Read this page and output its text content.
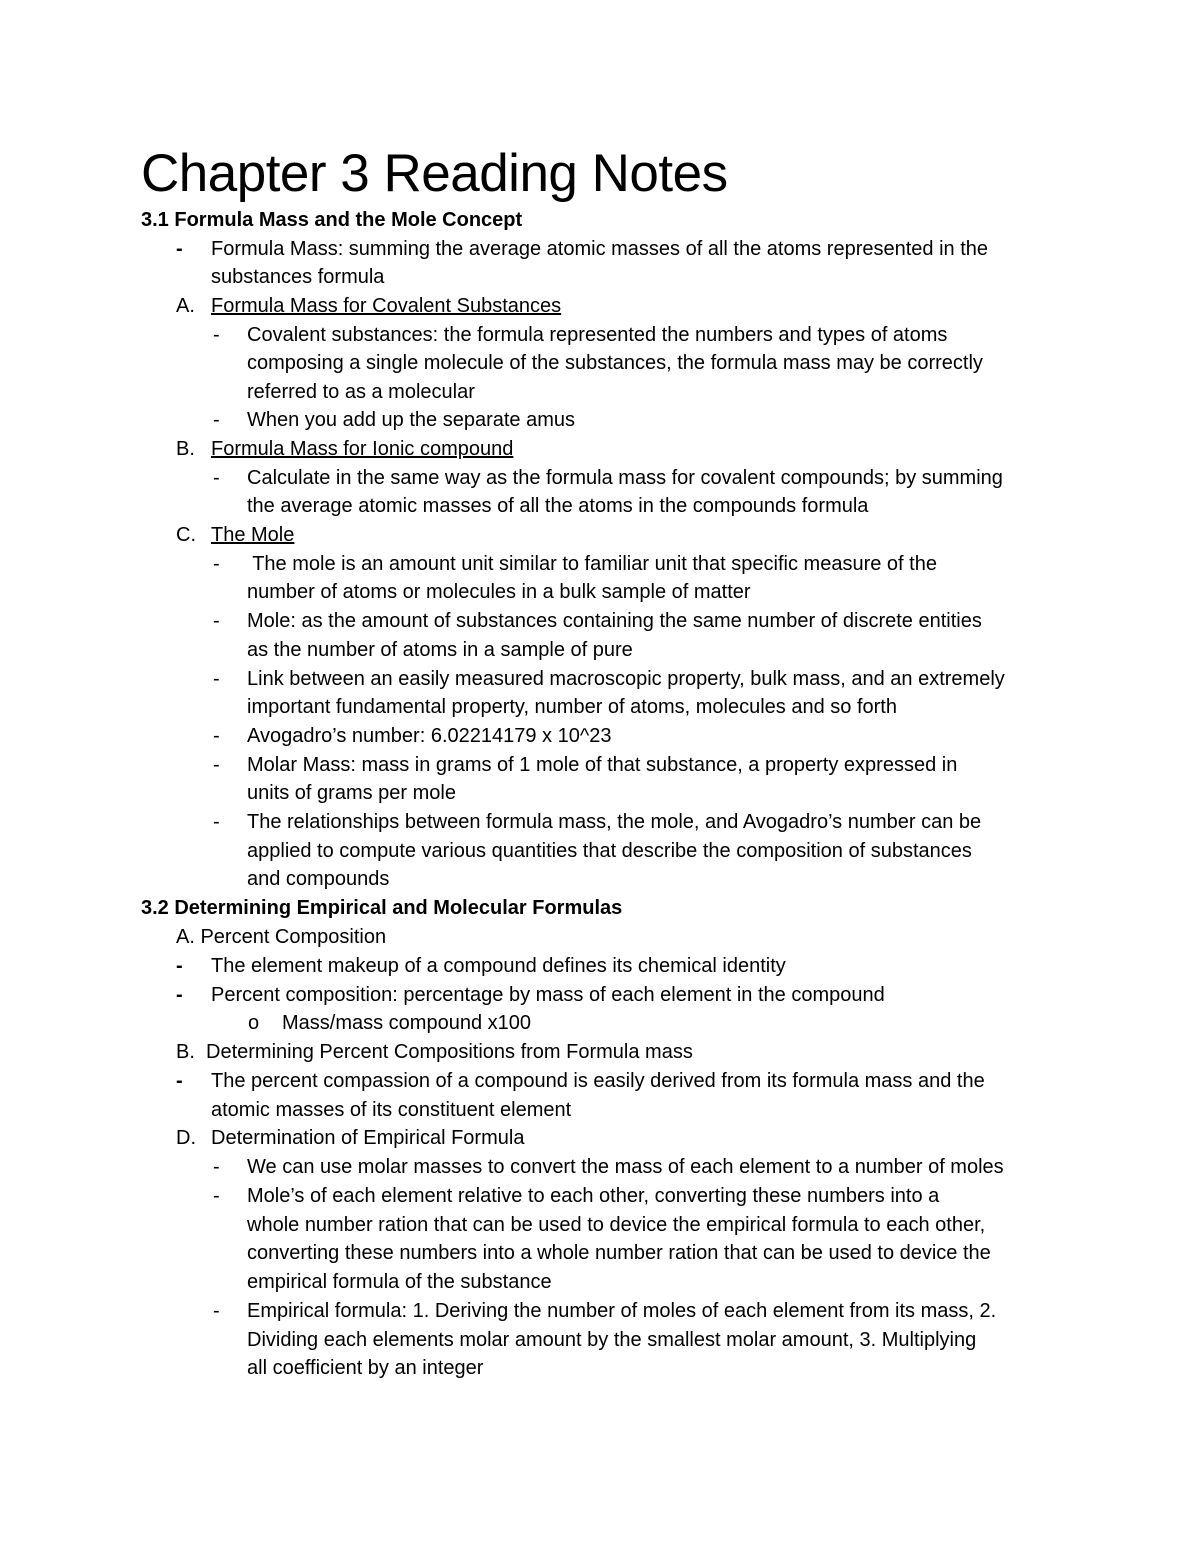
Chapter 3 Reading Notes
3.1 Formula Mass and the Mole Concept
- Formula Mass: summing the average atomic masses of all the atoms represented in the
substances formula
A. Formula Mass for Covalent Substances
- Covalent substances: the formula represented the numbers and types of atoms
composing a single molecule of the substances, the formula mass may be correctly
referred to as a molecular
- When you add up the separate amus
B. Formula Mass for Ionic compound
- Calculate in the same way as the formula mass for covalent compounds; by summing
the average atomic masses of all the atoms in the compounds formula
C. The Mole
- The mole is an amount unit similar to familiar unit that specific measure of the
number of atoms or molecules in a bulk sample of matter
- Mole: as the amount of substances containing the same number of discrete entities
as the number of atoms in a sample of pure
- Link between an easily measured macroscopic property, bulk mass, and an extremely
important fundamental property, number of atoms, molecules and so forth
- Avogadro’s number: 6.02214179 x 10^23
- Molar Mass: mass in grams of 1 mole of that substance, a property expressed in
units of grams per mole
- The relationships between formula mass, the mole, and Avogadro’s number can be
applied to compute various quantities that describe the composition of substances
and compounds
3.2 Determining Empirical and Molecular Formulas
A. Percent Composition
- The element makeup of a compound defines its chemical identity
- Percent composition: percentage by mass of each element in the compound
o Mass/mass compound x100
B.  Determining Percent Compositions from Formula mass
- The percent compassion of a compound is easily derived from its formula mass and the
atomic masses of its constituent element
D. Determination of Empirical Formula
- We can use molar masses to convert the mass of each element to a number of moles
- Mole’s of each element relative to each other, converting these numbers into a
whole number ration that can be used to device the empirical formula to each other,
converting these numbers into a whole number ration that can be used to device the
empirical formula of the substance
- Empirical formula: 1. Deriving the number of moles of each element from its mass, 2.
Dividing each elements molar amount by the smallest molar amount, 3. Multiplying
all coefficient by an integer
